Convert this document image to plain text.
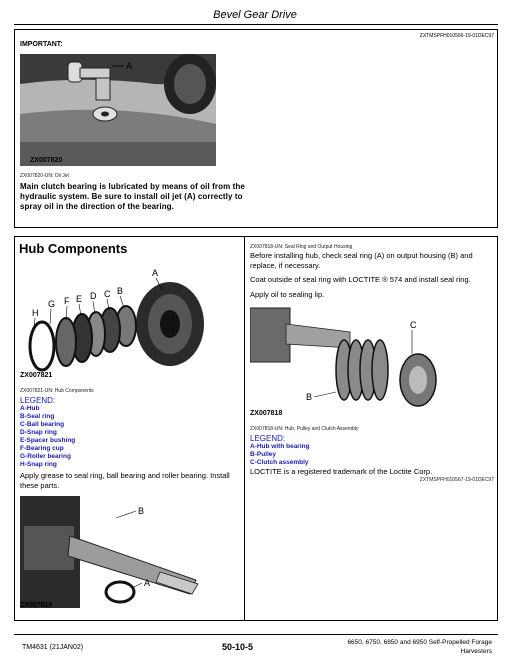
Bevel Gear Drive
IMPORTANT:
ZXTMSPFH010566-19-01DEC97
A
ZX007820
ZX007820-UN: Oil Jet
Main clutch bearing is lubricated by means of oil from the hydraulic system. Be sure to install oil jet (A) correctly to spray oil in the direction of the bearing.
Hub Components
A
B
C
D
E
F
G
H
ZX007821
ZX007821-UN: Hub Components
LEGEND:
A-Hub
B-Seal ring
C-Ball bearing
D-Snap ring
E-Spacer bushing
F-Bearing cup
G-Roller bearing
H-Snap ring
Apply grease to seal ring, ball bearing and roller bearing. Install these parts.
B
A
ZX007819
ZX007818-UN: Seal Ring and Output Housing
Before installing hub, check seal ring (A) on output housing (B) and replace, if necessary.
Coat outside of seal ring with LOCTITE ® 574 and install seal ring.
Apply oil to sealing lip.
C
B
ZX007818
ZX007818-UN: Hub, Pulley and Clutch Assembly
LEGEND:
A-Hub with bearing
B-Pulley
C-Clutch assembly
LOCTITE is a registered trademark of the Loctite Corp.
ZXTMSPFH010567-19-01DEC97
TM4631 (21JAN02)	50-10-5	6650, 6750, 6850 and 6950 Self-Propelled Forage
Harvesters
